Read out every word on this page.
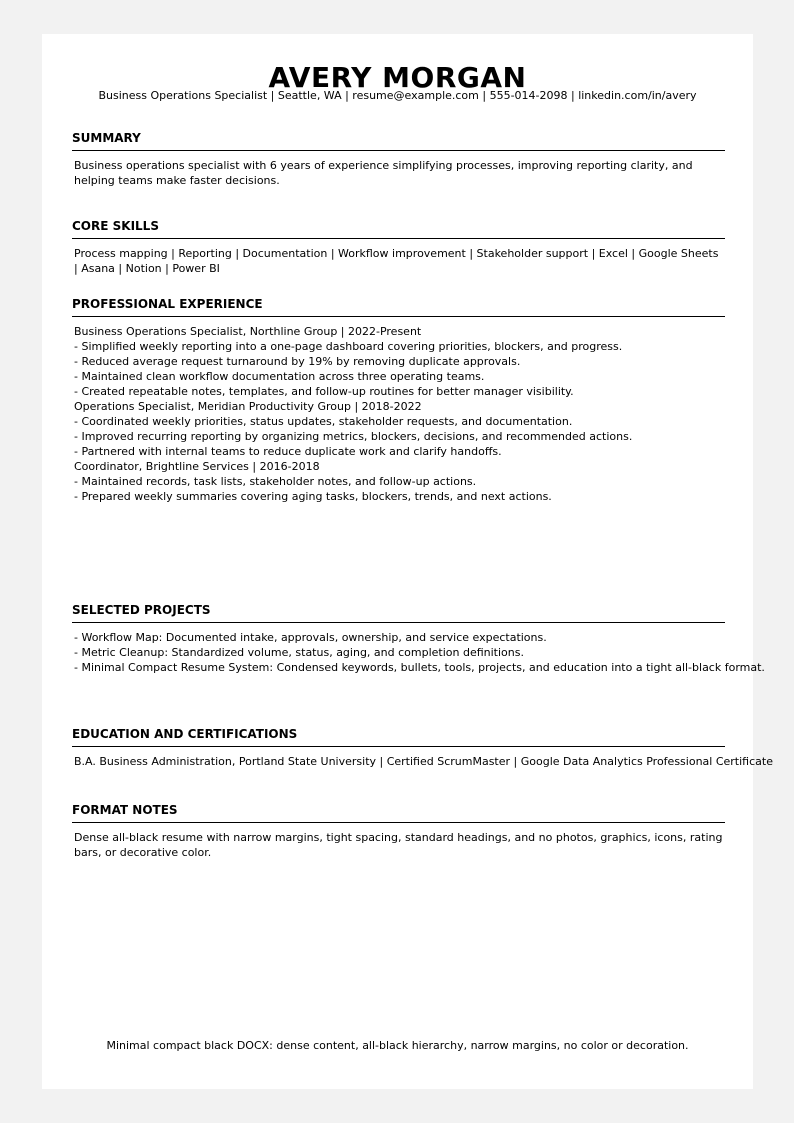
AVERY MORGAN
Business Operations Specialist | Seattle, WA | resume@example.com | 555-014-2098 | linkedin.com/in/avery
SUMMARY
Business operations specialist with 6 years of experience simplifying processes, improving reporting clarity, and helping teams make faster decisions.
CORE SKILLS
Process mapping | Reporting | Documentation | Workflow improvement | Stakeholder support | Excel | Google Sheets | Asana | Notion | Power BI
PROFESSIONAL EXPERIENCE
Business Operations Specialist, Northline Group | 2022-Present
- Simplified weekly reporting into a one-page dashboard covering priorities, blockers, and progress.
- Reduced average request turnaround by 19% by removing duplicate approvals.
- Maintained clean workflow documentation across three operating teams.
- Created repeatable notes, templates, and follow-up routines for better manager visibility.
Operations Specialist, Meridian Productivity Group | 2018-2022
- Coordinated weekly priorities, status updates, stakeholder requests, and documentation.
- Improved recurring reporting by organizing metrics, blockers, decisions, and recommended actions.
- Partnered with internal teams to reduce duplicate work and clarify handoffs.
Coordinator, Brightline Services | 2016-2018
- Maintained records, task lists, stakeholder notes, and follow-up actions.
- Prepared weekly summaries covering aging tasks, blockers, trends, and next actions.
SELECTED PROJECTS
- Workflow Map: Documented intake, approvals, ownership, and service expectations.
- Metric Cleanup: Standardized volume, status, aging, and completion definitions.
- Minimal Compact Resume System: Condensed keywords, bullets, tools, projects, and education into a tight all-black format.
EDUCATION AND CERTIFICATIONS
B.A. Business Administration, Portland State University | Certified ScrumMaster | Google Data Analytics Professional Certificate
FORMAT NOTES
Dense all-black resume with narrow margins, tight spacing, standard headings, and no photos, graphics, icons, rating bars, or decorative color.
Minimal compact black DOCX: dense content, all-black hierarchy, narrow margins, no color or decoration.
